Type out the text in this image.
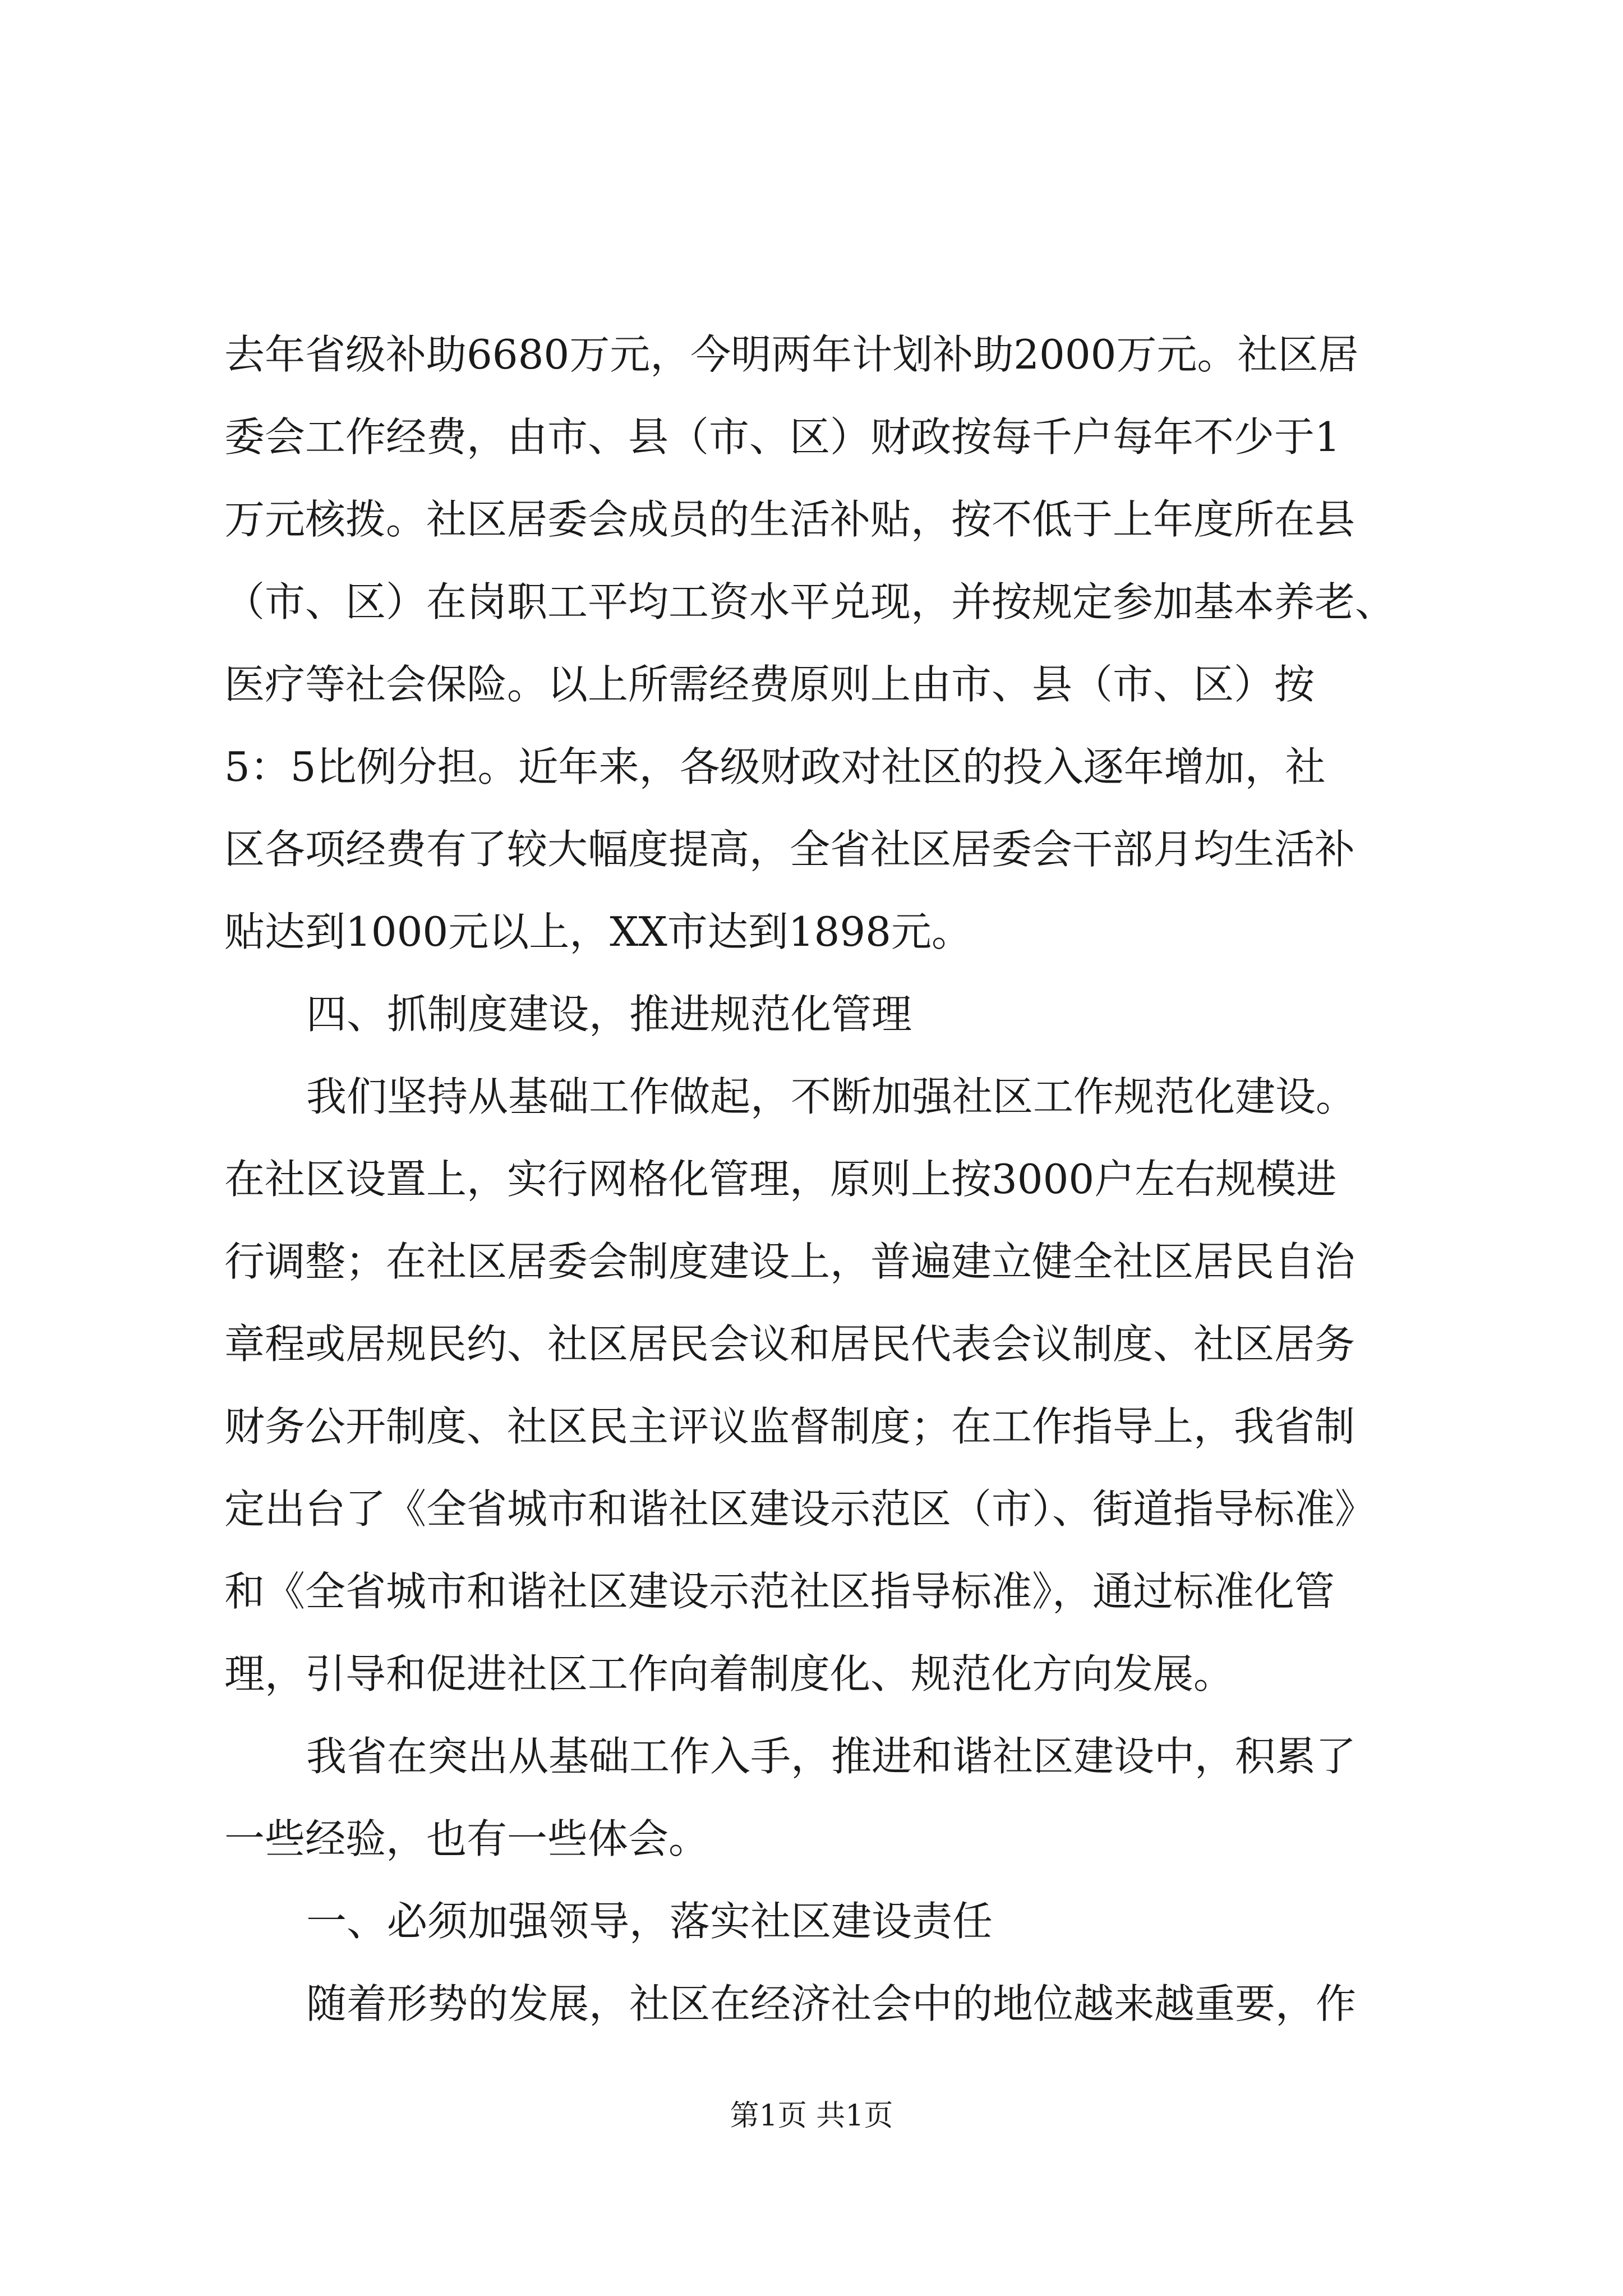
去年省级补助6680万元，今明两年计划补助2000万元。社区居
委会工作经费，由市、县（市、区）财政按每千户每年不少于1
万元核拨。社区居委会成员的生活补贴，按不低于上年度所在县
（市、区）在岗职工平均工资水平兑现，并按规定参加基本养老、
医疗等社会保险。以上所需经费原则上由市、县（市、区）按
5：5比例分担。近年来，各级财政对社区的投入逐年增加，社
区各项经费有了较大幅度提高，全省社区居委会干部月均生活补
贴达到1000元以上，XX市达到1898元。
四、抓制度建设，推进规范化管理
我们坚持从基础工作做起，不断加强社区工作规范化建设。
在社区设置上，实行网格化管理，原则上按3000户左右规模进
行调整；在社区居委会制度建设上，普遍建立健全社区居民自治
章程或居规民约、社区居民会议和居民代表会议制度、社区居务
财务公开制度、社区民主评议监督制度；在工作指导上，我省制
定出台了《全省城市和谐社区建设示范区（市）、街道指导标准》
和《全省城市和谐社区建设示范社区指导标准》，通过标准化管
理，引导和促进社区工作向着制度化、规范化方向发展。
我省在突出从基础工作入手，推进和谐社区建设中，积累了
一些经验，也有一些体会。
一、必须加强领导，落实社区建设责任
随着形势的发展，社区在经济社会中的地位越来越重要，作
第1页 共1页
